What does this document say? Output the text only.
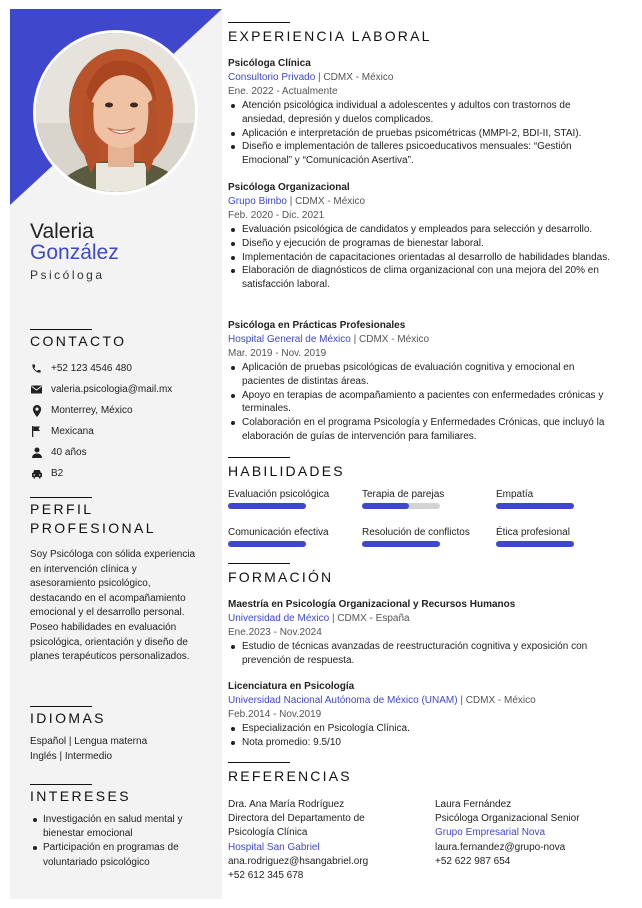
Valeria
González
Psicóloga
CONTACTO
+52 123 4546 480
valeria.psicologia@mail.mx
Monterrey, México
Mexicana
40 años
B2
PERFIL
PROFESIONAL
Soy Psicóloga con sólida experiencia en intervención clínica y asesoramiento psicológico, destacando en el acompañamiento emocional y el desarrollo personal. Poseo habilidades en evaluación psicológica, orientación y diseño de planes terapéuticos personalizados.
IDIOMAS
Español | Lengua materna
Inglés | Intermedio
INTERESES
Investigación en salud mental y bienestar emocional
Participación en programas de voluntariado psicológico
EXPERIENCIA LABORAL
Psicóloga Clínica
Consultorio Privado | CDMX - México
Ene. 2022 - Actualmente
Atención psicológica individual a adolescentes y adultos con trastornos de ansiedad, depresión y duelos complicados.
Aplicación e interpretación de pruebas psicométricas (MMPI-2, BDI-II, STAI).
Diseño e implementación de talleres psicoeducativos mensuales: “Gestión Emocional” y “Comunicación Asertiva”.
Psicóloga Organizacional
Grupo Bimbo | CDMX - México
Feb. 2020 - Dic. 2021
Evaluación psicológica de candidatos y empleados para selección y desarrollo.
Diseño y ejecución de programas de bienestar laboral.
Implementación de capacitaciones orientadas al desarrollo de habilidades blandas.
Elaboración de diagnósticos de clima organizacional con una mejora del 20% en satisfacción laboral.
Psicóloga en Prácticas Profesionales
Hospital General de México | CDMX - México
Mar. 2019 - Nov. 2019
Aplicación de pruebas psicológicas de evaluación cognitiva y emocional en pacientes de distintas áreas.
Apoyo en terapias de acompañamiento a pacientes con enfermedades crónicas y terminales.
Colaboración en el programa Psicología y Enfermedades Crónicas, que incluyó la elaboración de guías de intervención para familiares.
HABILIDADES
Evaluación psicológica	Terapia de parejas	Empatía
Comunicación efectiva	Resolución de conflictos	Ética profesional
FORMACIÓN
Maestría en Psicología Organizacional y Recursos Humanos
Universidad de México | CDMX - España
Ene.2023 - Nov.2024
Estudio de técnicas avanzadas de reestructuración cognitiva y exposición con prevención de respuesta.
Licenciatura en Psicología
Universidad Nacional Autónoma de México (UNAM) | CDMX - México
Feb.2014 - Nov.2019
Especialización en Psicología Clínica.
Nota promedio: 9.5/10
REFERENCIAS
Dra. Ana María Rodríguez
Directora del Departamento de
Psicología Clínica
Hospital San Gabriel
ana.rodriguez@hsangabriel.org
+52 612 345 678
Laura Fernández
Psicóloga Organizacional Senior
Grupo Empresarial Nova
laura.fernandez@grupo-nova
+52 622 987 654
